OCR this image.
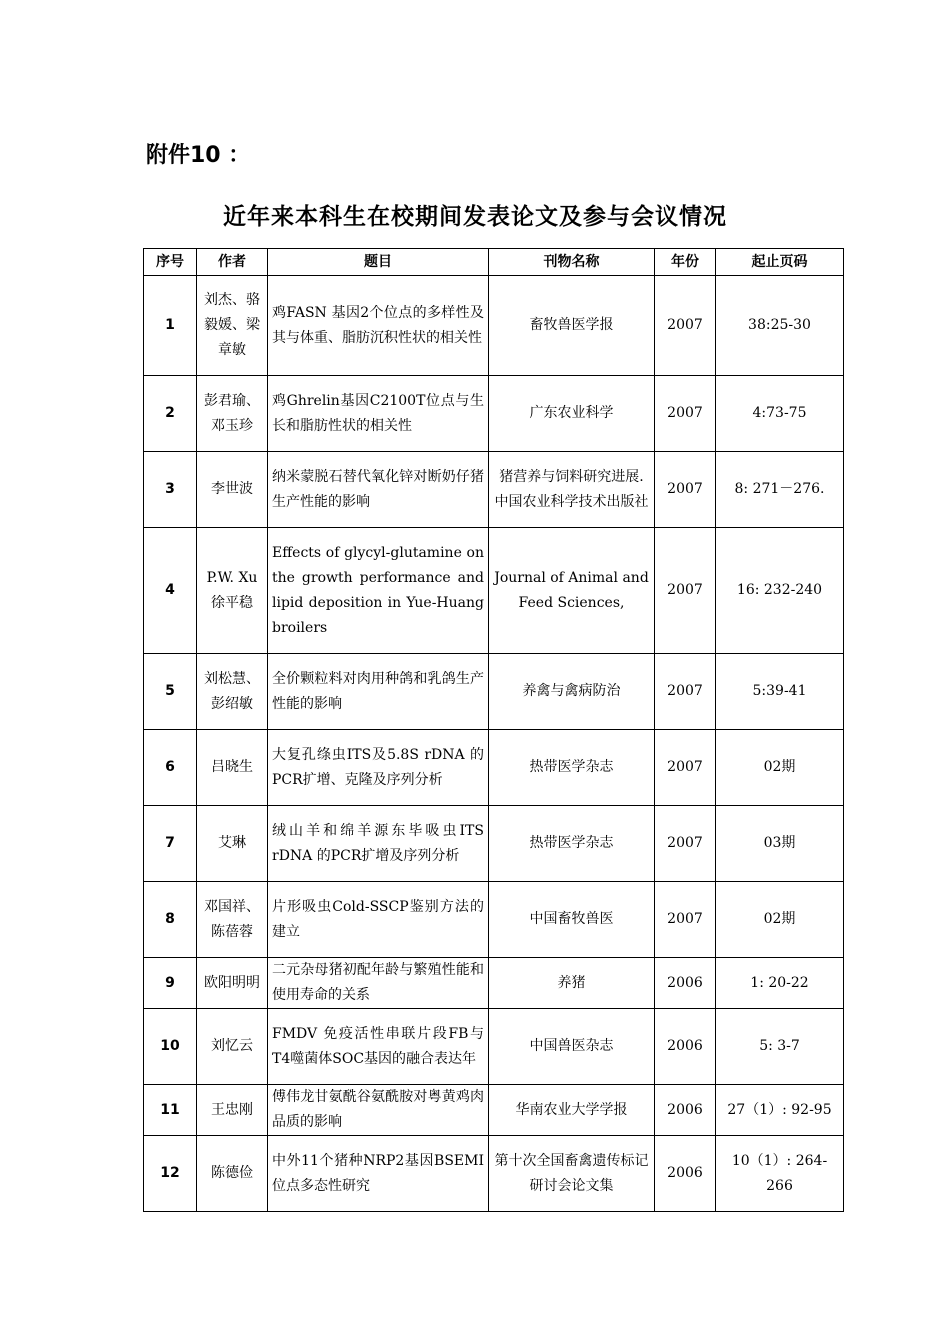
附件10 ：
近年来本科生在校期间发表论文及参与会议情况
序号	作者	题目	刊物名称	年份	起止页码
1	刘杰、骆毅媛、梁章敏	鸡FASN 基因2个位点的多样性及其与体重、脂肪沉积性状的相关性	畜牧兽医学报	2007	38:25-30
2	彭君瑜、邓玉珍	鸡Ghrelin基因C2100T位点与生长和脂肪性状的相关性	广东农业科学	2007	4:73-75
3	李世波	纳米蒙脱石替代氧化锌对断奶仔猪生产性能的影响	猪营养与饲料研究进展.中国农业科学技术出版社	2007	8: 271－276.
4	P.W. Xu徐平稳	Effects of glycyl-glutamine on the growth performance and lipid deposition in Yue-Huang broilers	Journal of Animal and Feed Sciences,	2007	16: 232-240
5	刘松慧、彭绍敏	全价颗粒料对肉用种鸽和乳鸽生产性能的影响	养禽与禽病防治	2007	5:39-41
6	吕晓生	大复孔绦虫ITS及5.8S rDNA 的PCR扩增、克隆及序列分析	热带医学杂志	2007	02期
7	艾琳	绒山羊和绵羊源东毕吸虫ITS rDNA 的PCR扩增及序列分析	热带医学杂志	2007	03期
8	邓国祥、陈蓓蓉	片形吸虫Cold-SSCP鉴别方法的建立	中国畜牧兽医	2007	02期
9	欧阳明明	二元杂母猪初配年龄与繁殖性能和使用寿命的关系	养猪	2006	1: 20-22
10	刘忆云	FMDV 免疫活性串联片段FB与T4噬菌体SOC基因的融合表达年	中国兽医杂志	2006	5: 3-7
11	王忠刚	傅伟龙甘氨酰谷氨酰胺对粤黄鸡肉品质的影响	华南农业大学学报	2006	27（1）: 92-95
12	陈德俭	中外11个猪种NRP2基因BSEMI位点多态性研究	第十次全国畜禽遗传标记研讨会论文集	2006	10（1）: 264-266
